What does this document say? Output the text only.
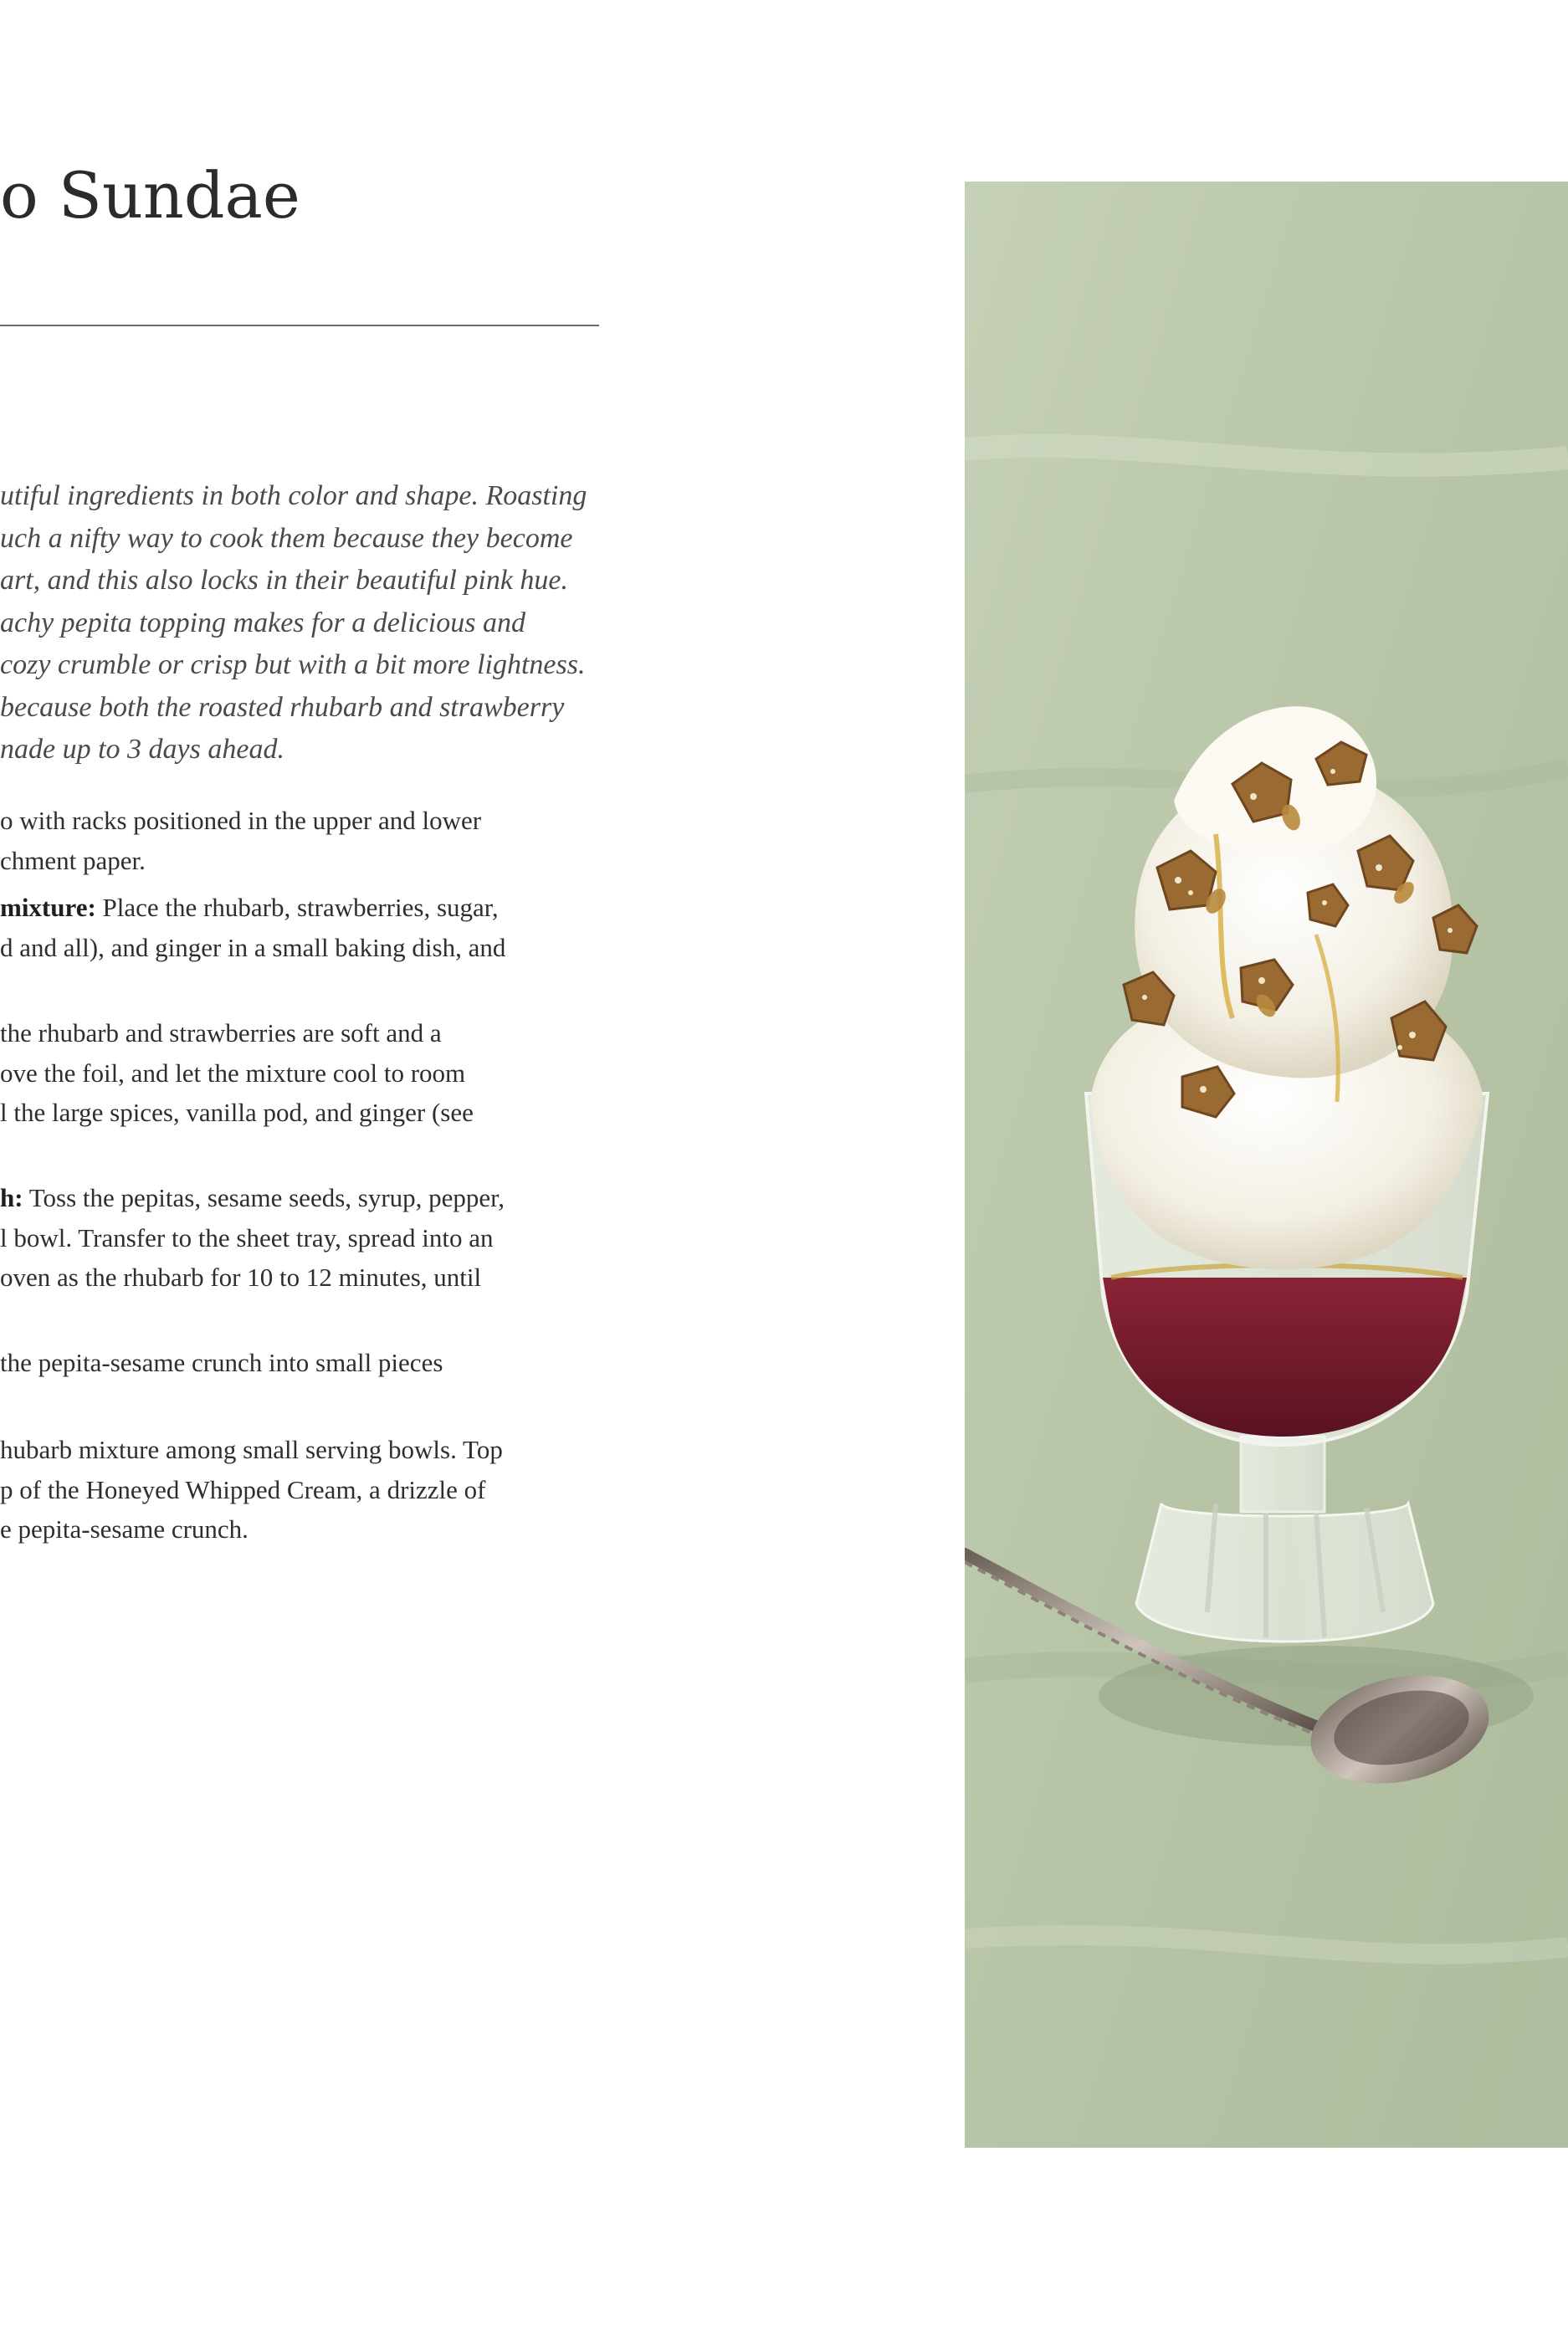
o Sundae
utiful ingredients in both color and shape. Roasting
uch a nifty way to cook them because they become
art, and this also locks in their beautiful pink hue.
achy pepita topping makes for a delicious and
cozy crumble or crisp but with a bit more lightness.
because both the roasted rhubarb and strawberry
nade up to 3 days ahead.
o with racks positioned in the upper and lower
chment paper.
mixture: Place the rhubarb, strawberries, sugar,
d and all), and ginger in a small baking dish, and
the rhubarb and strawberries are soft and a
ove the foil, and let the mixture cool to room
l the large spices, vanilla pod, and ginger (see
h: Toss the pepitas, sesame seeds, syrup, pepper,
l bowl. Transfer to the sheet tray, spread into an
oven as the rhubarb for 10 to 12 minutes, until
the pepita-sesame crunch into small pieces
hubarb mixture among small serving bowls. Top
p of the Honeyed Whipped Cream, a drizzle of
e pepita-sesame crunch.
